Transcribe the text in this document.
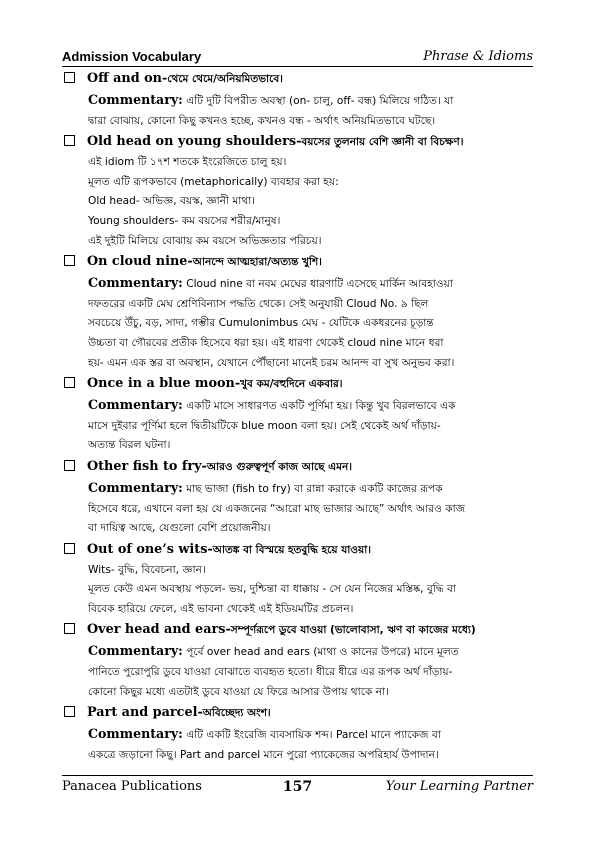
Admission Vocabulary	Phrase & Idioms
Off and on- থেমে থেমে/অনিয়মিতভাবে।

Commentary: এটি দুটি বিপরীত অবস্থা (on- চালু, off- বন্ধ) মিলিয়ে গঠিত। যা

দ্বারা বোঝায়, কোনো কিছু কখনও হচ্ছে, কখনও বন্ধ - অর্থাৎ অনিয়মিতভাবে ঘটছে।

Old head on young shoulders- বয়সের তুলনায় বেশি জ্ঞানী বা বিচক্ষণ।

এই idiom টি ১৭শ শতকে ইংরেজিতে চালু হয়।

মূলত এটি রূপকভাবে (metaphorically) ব্যবহার করা হয়:

Old head- অভিজ্ঞ, বয়স্ক, জ্ঞানী মাথা।

Young shoulders- কম বয়সের শরীর/মানুষ।

এই দুইটি মিলিয়ে বোঝায় কম বয়সে অভিজ্ঞতার পরিচয়।

On cloud nine- আনন্দে আত্মহারা/অত্যন্ত খুশি।

Commentary: Cloud nine বা নবম মেঘের ধারণাটি এসেছে মার্কিন আবহাওয়া

দফতরের একটি মেঘ শ্রেণিবিন্যাস পদ্ধতি থেকে। সেই অনুযায়ী Cloud No. ৯ ছিল

সবচেয়ে উঁচু, বড়, সাদা, গম্ভীর Cumulonimbus মেঘ - যেটিকে একধরনের চূড়ান্ত

উচ্চতা বা গৌরবের প্রতীক হিসেবে ধরা হয়। এই ধারণা থেকেই cloud nine মানে ধরা

হয়- এমন এক স্তর বা অবস্থান, যেখানে পৌঁছানো মানেই চরম আনন্দ বা সুখ অনুভব করা।

Once in a blue moon- খুব কম/বহুদিনে একবার।

Commentary: একটি মাসে সাধারণত একটি পূর্ণিমা হয়। কিন্তু খুব বিরলভাবে এক

মাসে দুইবার পূর্ণিমা হলে দ্বিতীয়টিকে blue moon বলা হয়। সেই থেকেই অর্থ দাঁড়ায়-

অত্যন্ত বিরল ঘটনা।

Other fish to fry- আরও গুরুত্বপূর্ণ কাজ আছে এমন।

Commentary: মাছ ভাজা (fish to fry) বা রান্না করাকে একটি কাজের রূপক

হিসেবে ধরে, এখানে বলা হয় যে একজনের “আরো মাছ ভাজার আছে” অর্থাৎ আরও কাজ

বা দায়িত্ব আছে, যেগুলো বেশি প্রয়োজনীয়।

Out of one’s wits- আতঙ্ক বা বিস্ময়ে হতবুদ্ধি হয়ে যাওয়া।

Wits- বুদ্ধি, বিবেচনা, জ্ঞান।

মূলত কেউ এমন অবস্থায় পড়লে- ভয়, দুশ্চিন্তা বা ধাক্কায় - সে যেন নিজের মস্তিষ্ক, বুদ্ধি বা

বিবেক হারিয়ে ফেলে, এই ভাবনা থেকেই এই ইডিয়মটির প্রচলন।

Over head and ears- সম্পূর্ণরূপে ডুবে যাওয়া (ভালোবাসা, ঋণ বা কাজের মধ্যে)

Commentary: পূর্বে over head and ears (মাথা ও কানের উপরে) মানে মূলত

পানিতে পুরোপুরি ডুবে যাওয়া বোঝাতে ব্যবহৃত হতো। ধীরে ধীরে এর রূপক অর্থ দাঁড়ায়-

কোনো কিছুর মধ্যে এতটাই ডুবে যাওয়া যে ফিরে আসার উপায় থাকে না।

Part and parcel- অবিচ্ছেদ্য অংশ।

Commentary: এটি একটি ইংরেজি ব্যবসায়িক শব্দ। Parcel মানে প্যাকেজ বা

একত্রে জড়ানো কিছু। Part and parcel মানে পুরো প্যাকেজের অপরিহার্য উপাদান।

Panacea Publications	157	Your Learning Partner
